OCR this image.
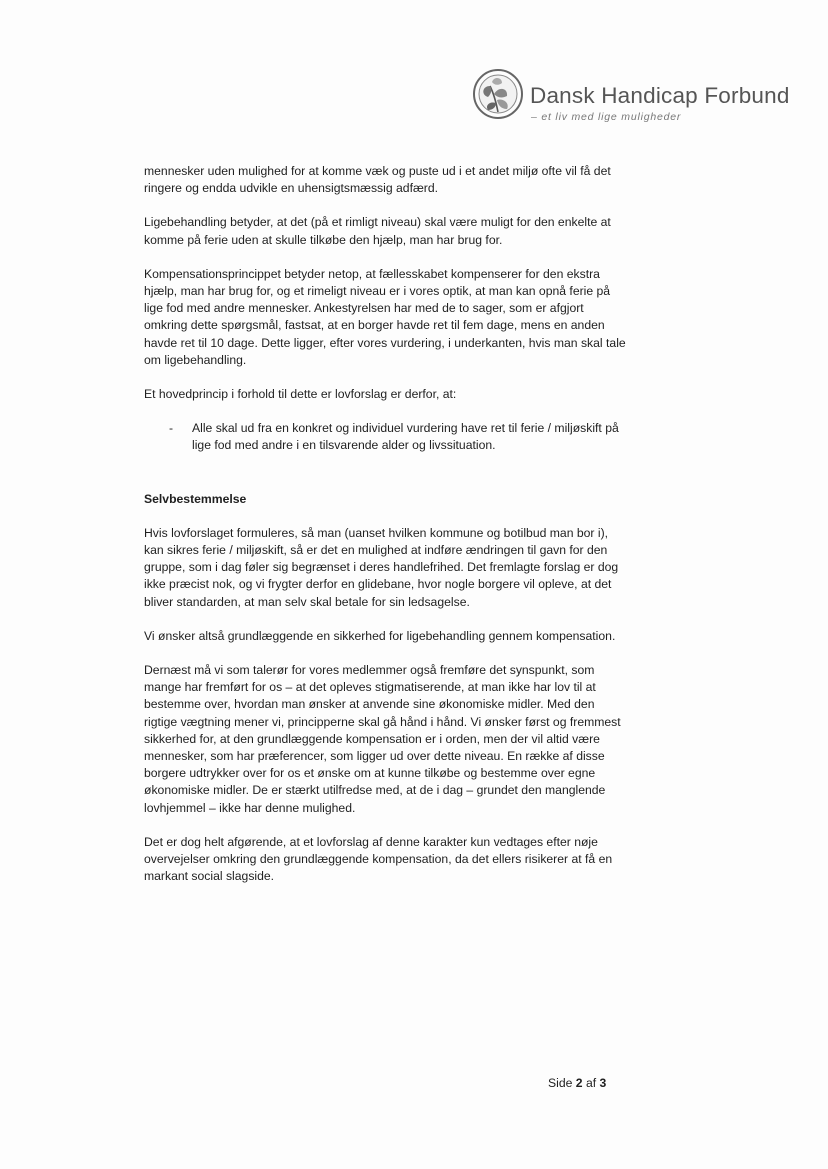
Dansk Handicap Forbund
– et liv med lige muligheder

mennesker uden mulighed for at komme væk og puste ud i et andet miljø ofte vil få det ringere og endda udvikle en uhensigtsmæssig adfærd.

Ligebehandling betyder, at det (på et rimligt niveau) skal være muligt for den enkelte at komme på ferie uden at skulle tilkøbe den hjælp, man har brug for.

Kompensationsprincippet betyder netop, at fællesskabet kompenserer for den ekstra hjælp, man har brug for, og et rimeligt niveau er i vores optik, at man kan opnå ferie på lige fod med andre mennesker. Ankestyrelsen har med de to sager, som er afgjort omkring dette spørgsmål, fastsat, at en borger havde ret til fem dage, mens en anden havde ret til 10 dage. Dette ligger, efter vores vurdering, i underkanten, hvis man skal tale om ligebehandling.

Et hovedprincip i forhold til dette er lovforslag er derfor, at:

- Alle skal ud fra en konkret og individuel vurdering have ret til ferie / miljøskift på lige fod med andre i en tilsvarende alder og livssituation.
Selvbestemmelse

Hvis lovforslaget formuleres, så man (uanset hvilken kommune og botilbud man bor i), kan sikres ferie / miljøskift, så er det en mulighed at indføre ændringen til gavn for den gruppe, som i dag føler sig begrænset i deres handlefrihed. Det fremlagte forslag er dog ikke præcist nok, og vi frygter derfor en glidebane, hvor nogle borgere vil opleve, at det bliver standarden, at man selv skal betale for sin ledsagelse.

Vi ønsker altså grundlæggende en sikkerhed for ligebehandling gennem kompensation.

Dernæst må vi som talerør for vores medlemmer også fremføre det synspunkt, som mange har fremført for os – at det opleves stigmatiserende, at man ikke har lov til at bestemme over, hvordan man ønsker at anvende sine økonomiske midler. Med den rigtige vægtning mener vi, principperne skal gå hånd i hånd. Vi ønsker først og fremmest sikkerhed for, at den grundlæggende kompensation er i orden, men der vil altid være mennesker, som har præferencer, som ligger ud over dette niveau. En række af disse borgere udtrykker over for os et ønske om at kunne tilkøbe og bestemme over egne økonomiske midler. De er stærkt utilfredse med, at de i dag – grundet den manglende lovhjemmel – ikke har denne mulighed.

Det er dog helt afgørende, at et lovforslag af denne karakter kun vedtages efter nøje overvejelser omkring den grundlæggende kompensation, da det ellers risikerer at få en markant social slagside.

Side 2 af 3
